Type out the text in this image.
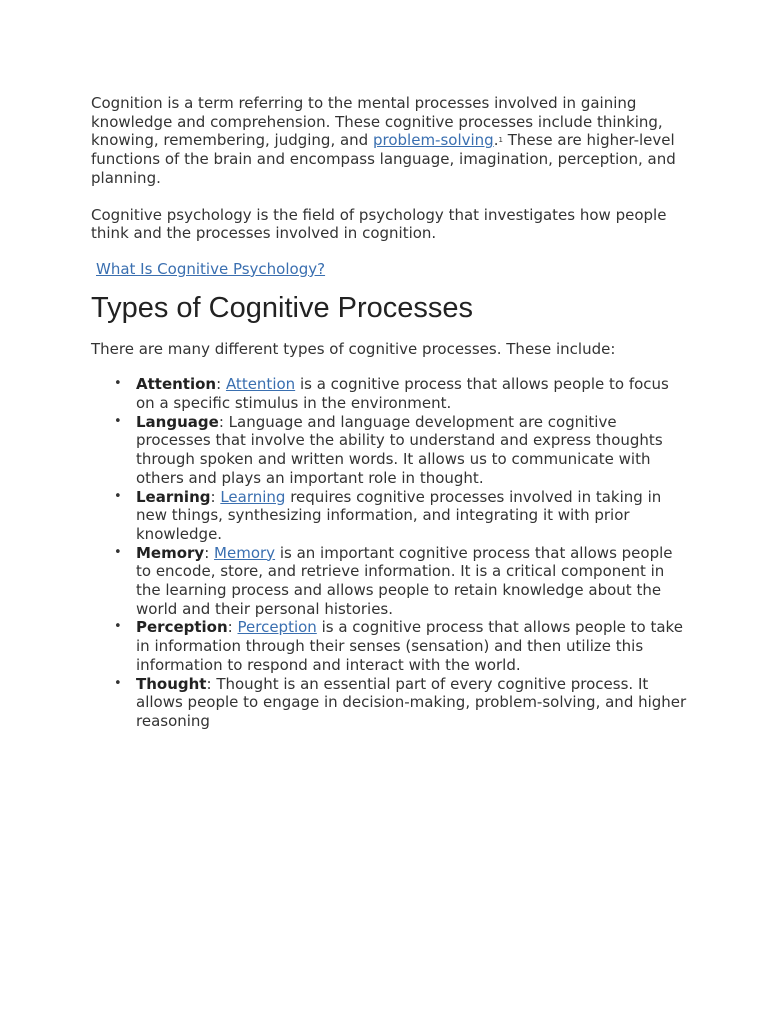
Cognition is a term referring to the mental processes involved in gaining knowledge and comprehension. These cognitive processes include thinking, knowing, remembering, judging, and problem-solving.$^1$ These are higher-level functions of the brain and encompass language, imagination, perception, and planning.

Cognitive psychology is the field of psychology that investigates how people think and the processes involved in cognition.

What Is Cognitive Psychology?

Types of Cognitive Processes

There are many different types of cognitive processes. These include:

• Attention: Attention is a cognitive process that allows people to focus on a specific stimulus in the environment.
• Language: Language and language development are cognitive processes that involve the ability to understand and express thoughts through spoken and written words. It allows us to communicate with others and plays an important role in thought.
• Learning: Learning requires cognitive processes involved in taking in new things, synthesizing information, and integrating it with prior knowledge.
• Memory: Memory is an important cognitive process that allows people to encode, store, and retrieve information. It is a critical component in the learning process and allows people to retain knowledge about the world and their personal histories.
• Perception: Perception is a cognitive process that allows people to take in information through their senses (sensation) and then utilize this information to respond and interact with the world.
• Thought: Thought is an essential part of every cognitive process. It allows people to engage in decision-making, problem-solving, and higher reasoning
